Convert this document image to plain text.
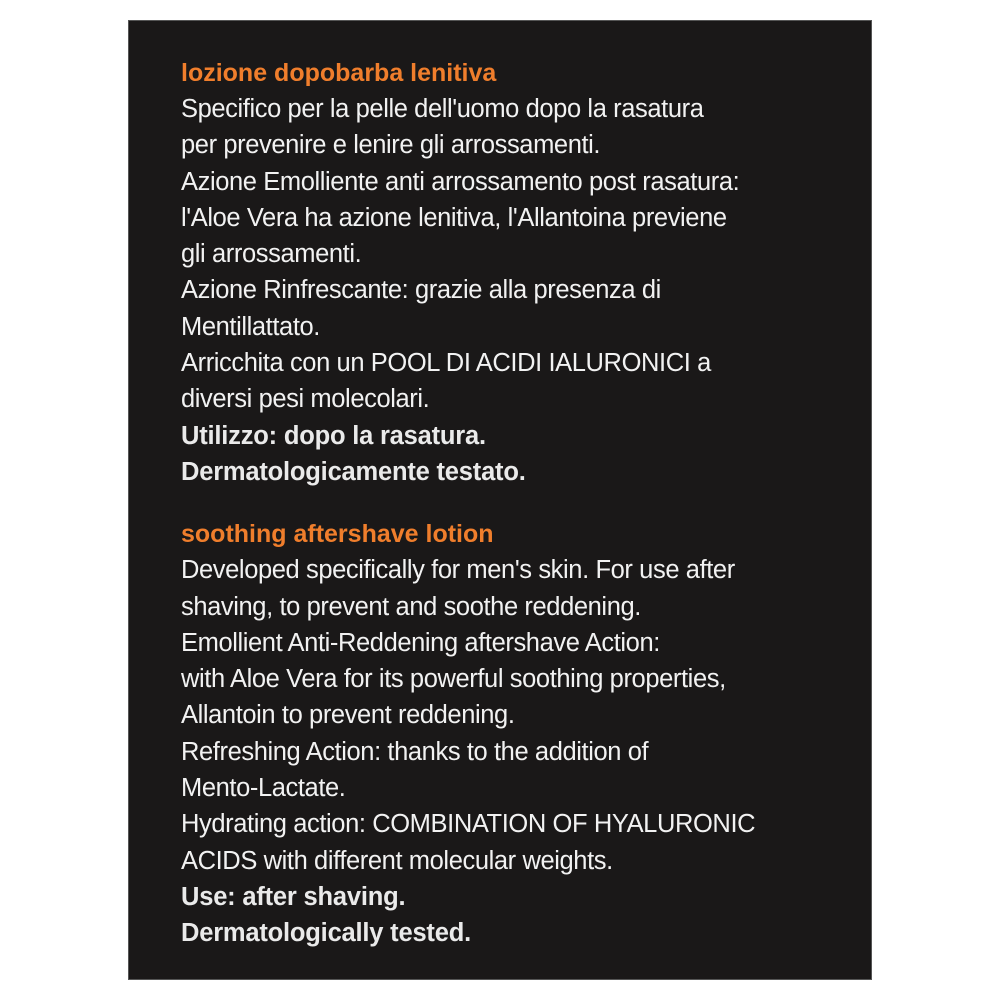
lozione dopobarba lenitiva
Specifico per la pelle dell'uomo dopo la rasatura
per prevenire e lenire gli arrossamenti.
Azione Emolliente anti arrossamento post rasatura:
l'Aloe Vera ha azione lenitiva, l'Allantoina previene
gli arrossamenti.
Azione Rinfrescante: grazie alla presenza di
Mentillattato.
Arricchita con un POOL DI ACIDI IALURONICI a
diversi pesi molecolari.
Utilizzo: dopo la rasatura.
Dermatologicamente testato.
soothing aftershave lotion
Developed specifically for men's skin. For use after
shaving, to prevent and soothe reddening.
Emollient Anti-Reddening aftershave Action:
with Aloe Vera for its powerful soothing properties,
Allantoin to prevent reddening.
Refreshing Action: thanks to the addition of
Mento-Lactate.
Hydrating action: COMBINATION OF HYALURONIC
ACIDS with different molecular weights.
Use: after shaving.
Dermatologically tested.
